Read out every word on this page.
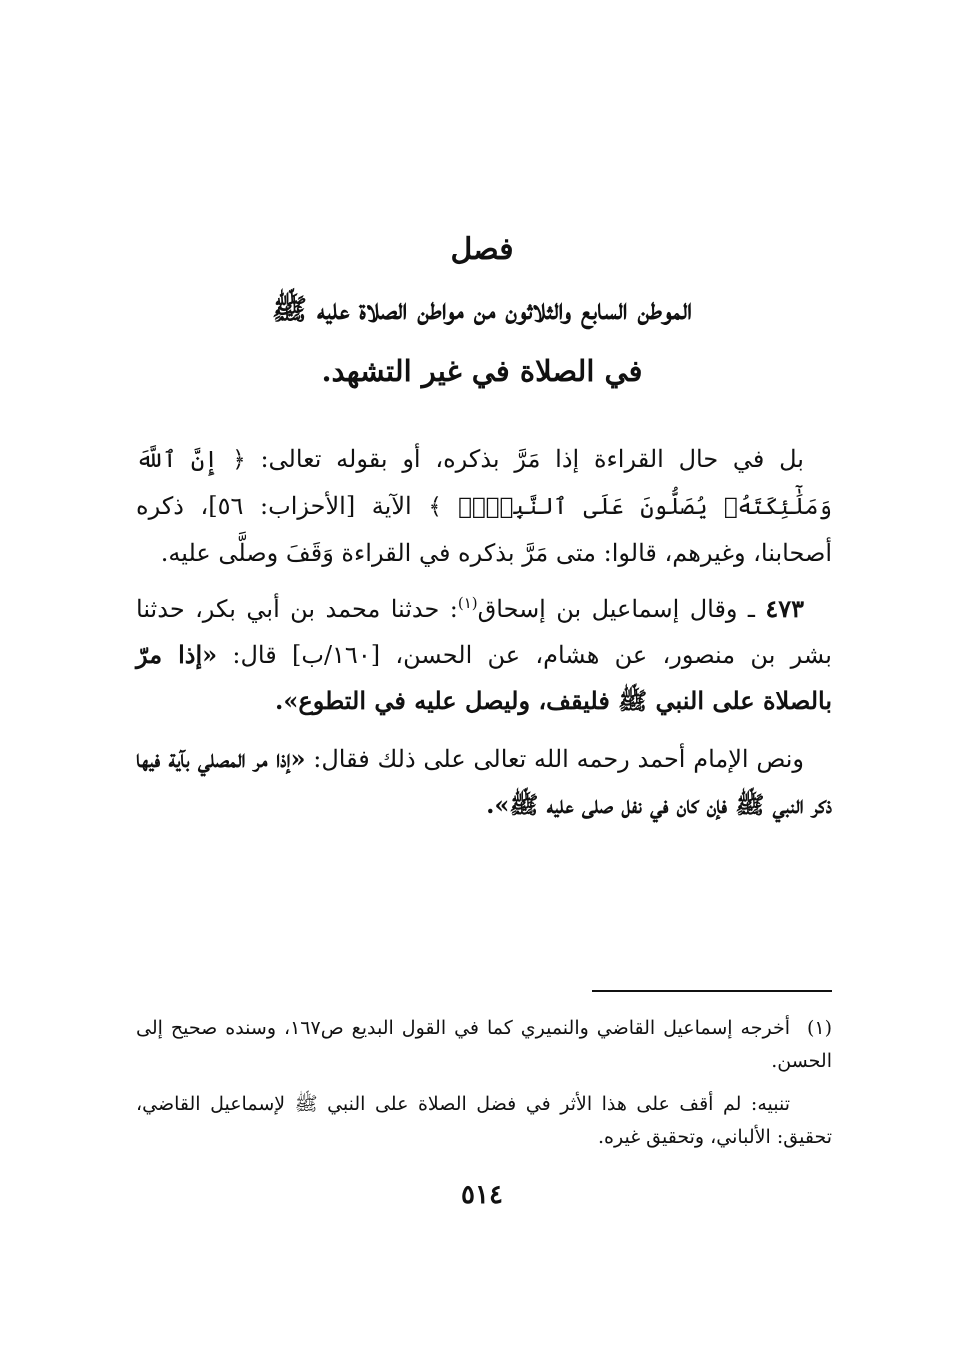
فصل
الموطن السابع والثلاثون من مواطن الصلاة عليه ﷺ
في الصلاة في غير التشهد.
بل في حال القراءة إذا مَرَّ بذكره، أو بقوله تعالى: ﴿ إِنَّ ٱللَّهَ وَمَلَٰٓئِكَتَهُۥ يُصَلُّونَ عَلَى ٱلنَّبِيِّۚ ﴾ الآية [الأحزاب: ٥٦]، ذكره أصحابنا، وغيرهم، قالوا: متى مَرَّ بذكره في القراءة وَقَفَ وصلَّى عليه.
٤٧٣ ـ وقال إسماعيل بن إسحاق$^{(١)}$: حدثنا محمد بن أبي بكر، حدثنا بشر بن منصور، عن هشام، عن الحسن، [١٦٠/ب] قال: «إذا مرّ بالصلاة على النبي ﷺ فليقف، وليصل عليه في التطوع».
ونص الإمام أحمد رحمه الله تعالى على ذلك فقال: «إذا مر المصلي بآية فيها ذكر النبي ﷺ فإن كان في نفل صلى عليه ﷺ».
(١)أخرجه إسماعيل القاضي والنميري كما في القول البديع ص١٦٧، وسنده صحيح إلى الحسن.
تنبيه: لم أقف على هذا الأثر في فضل الصلاة على النبي ﷺ لإسماعيل القاضي، تحقيق: الألباني، وتحقيق غيره.
٥١٤
